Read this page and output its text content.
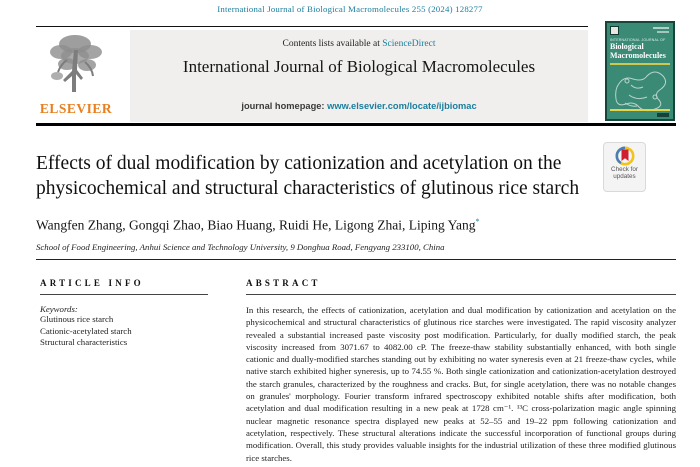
International Journal of Biological Macromolecules 255 (2024) 128277
ELSEVIER
Contents lists available at ScienceDirect
International Journal of Biological Macromolecules
journal homepage: www.elsevier.com/locate/ijbiomac
INTERNATIONAL JOURNAL OF
Biological
Macromolecules
Effects of dual modification by cationization and acetylation on the physicochemical and structural characteristics of glutinous rice starch
Check for
updates
Wangfen Zhang, Gongqi Zhao, Biao Huang, Ruidi He, Ligong Zhai, Liping Yang*
School of Food Engineering, Anhui Science and Technology University, 9 Donghua Road, Fengyang 233100, China
ARTICLE INFO
Keywords:
Glutinous rice starch
Cationic-acetylated starch
Structural characteristics
ABSTRACT
In this research, the effects of cationization, acetylation and dual modification by cationization and acetylation on the physicochemical and structural characteristics of glutinous rice starches were investigated. The rapid viscosity analyzer revealed a substantial increased paste viscosity post modification. Particularly, for dually modified starch, the peak viscosity increased from 3071.67 to 4082.00 cP. The freeze-thaw stability substantially enhanced, with both single cationic and dually-modified starches standing out by exhibiting no water syneresis even at 21 freeze-thaw cycles, while native starch exhibited higher syneresis, up to 74.55 %. Both single cationization and cationization-acetylation destroyed the starch granules, characterized by the roughness and cracks. But, for single acetylation, there was no notable changes on granules' morphology. Fourier transform infrared spectroscopy exhibited notable shifts after modification, both acetylation and dual modification resulting in a new peak at 1728 cm⁻¹. ¹³C cross-polarization magic angle spinning nuclear magnetic resonance spectra displayed new peaks at 52–55 and 19–22 ppm following cationization and acetylation, respectively. These structural alterations indicate the successful incorporation of functional groups during modification. Overall, this study provides valuable insights for the industrial utilization of these three modified glutinous rice starches.
